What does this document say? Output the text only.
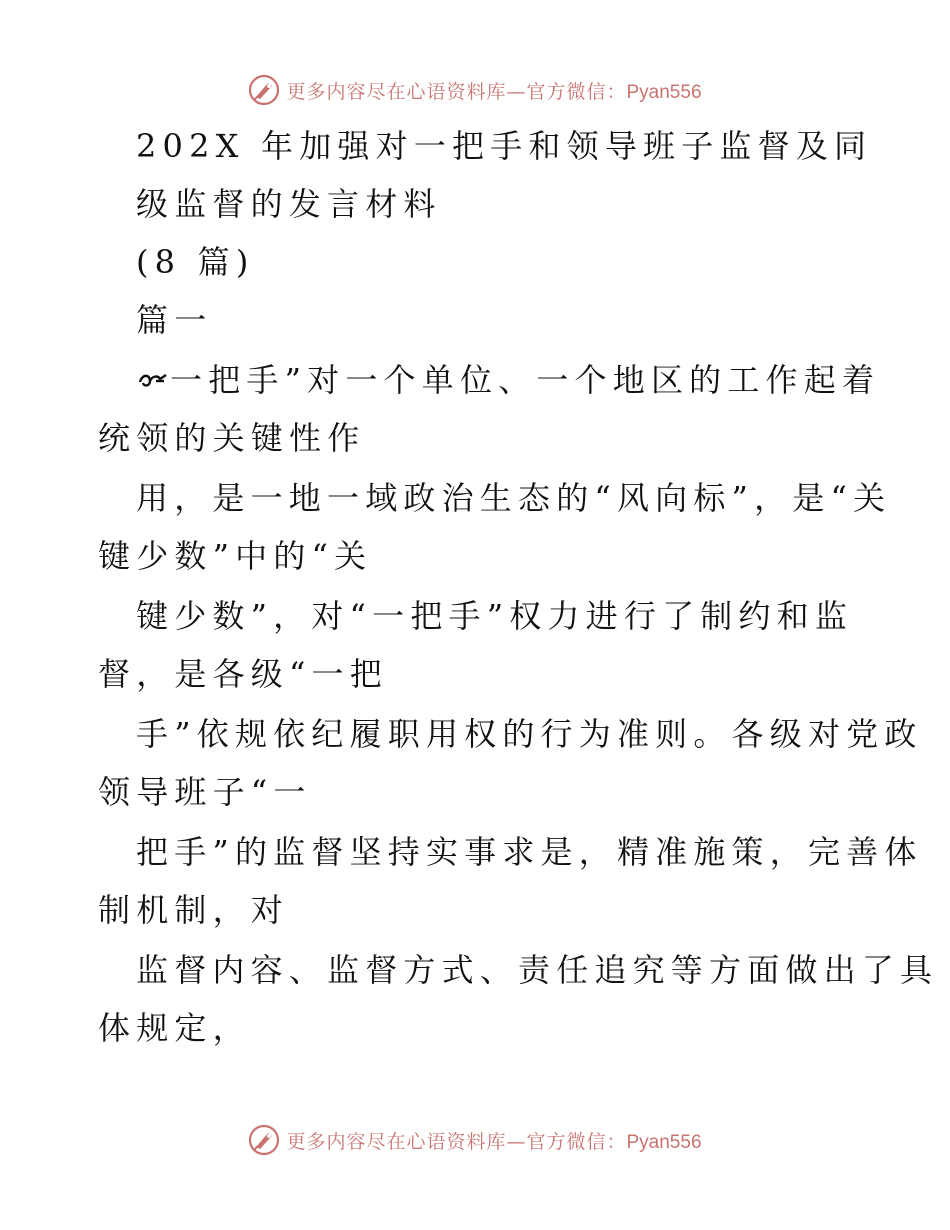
更多内容尽在心语资料库—官方微信：Pyan556
202X 年加强对一把手和领导班子监督及同
级监督的发言材料
(8 篇)
篇一
一把手”对一个单位、一个地区的工作起着
统领的关键性作
用，是一地一域政治生态的“风向标”，是“关
键少数”中的“关
键少数”，对“一把手”权力进行了制约和监
督，是各级“一把
手”依规依纪履职用权的行为准则。各级对党政
领导班子“一
把手”的监督坚持实事求是，精准施策，完善体
制机制，对
监督内容、监督方式、责任追究等方面做出了具
体规定，
更多内容尽在心语资料库—官方微信：Pyan556
